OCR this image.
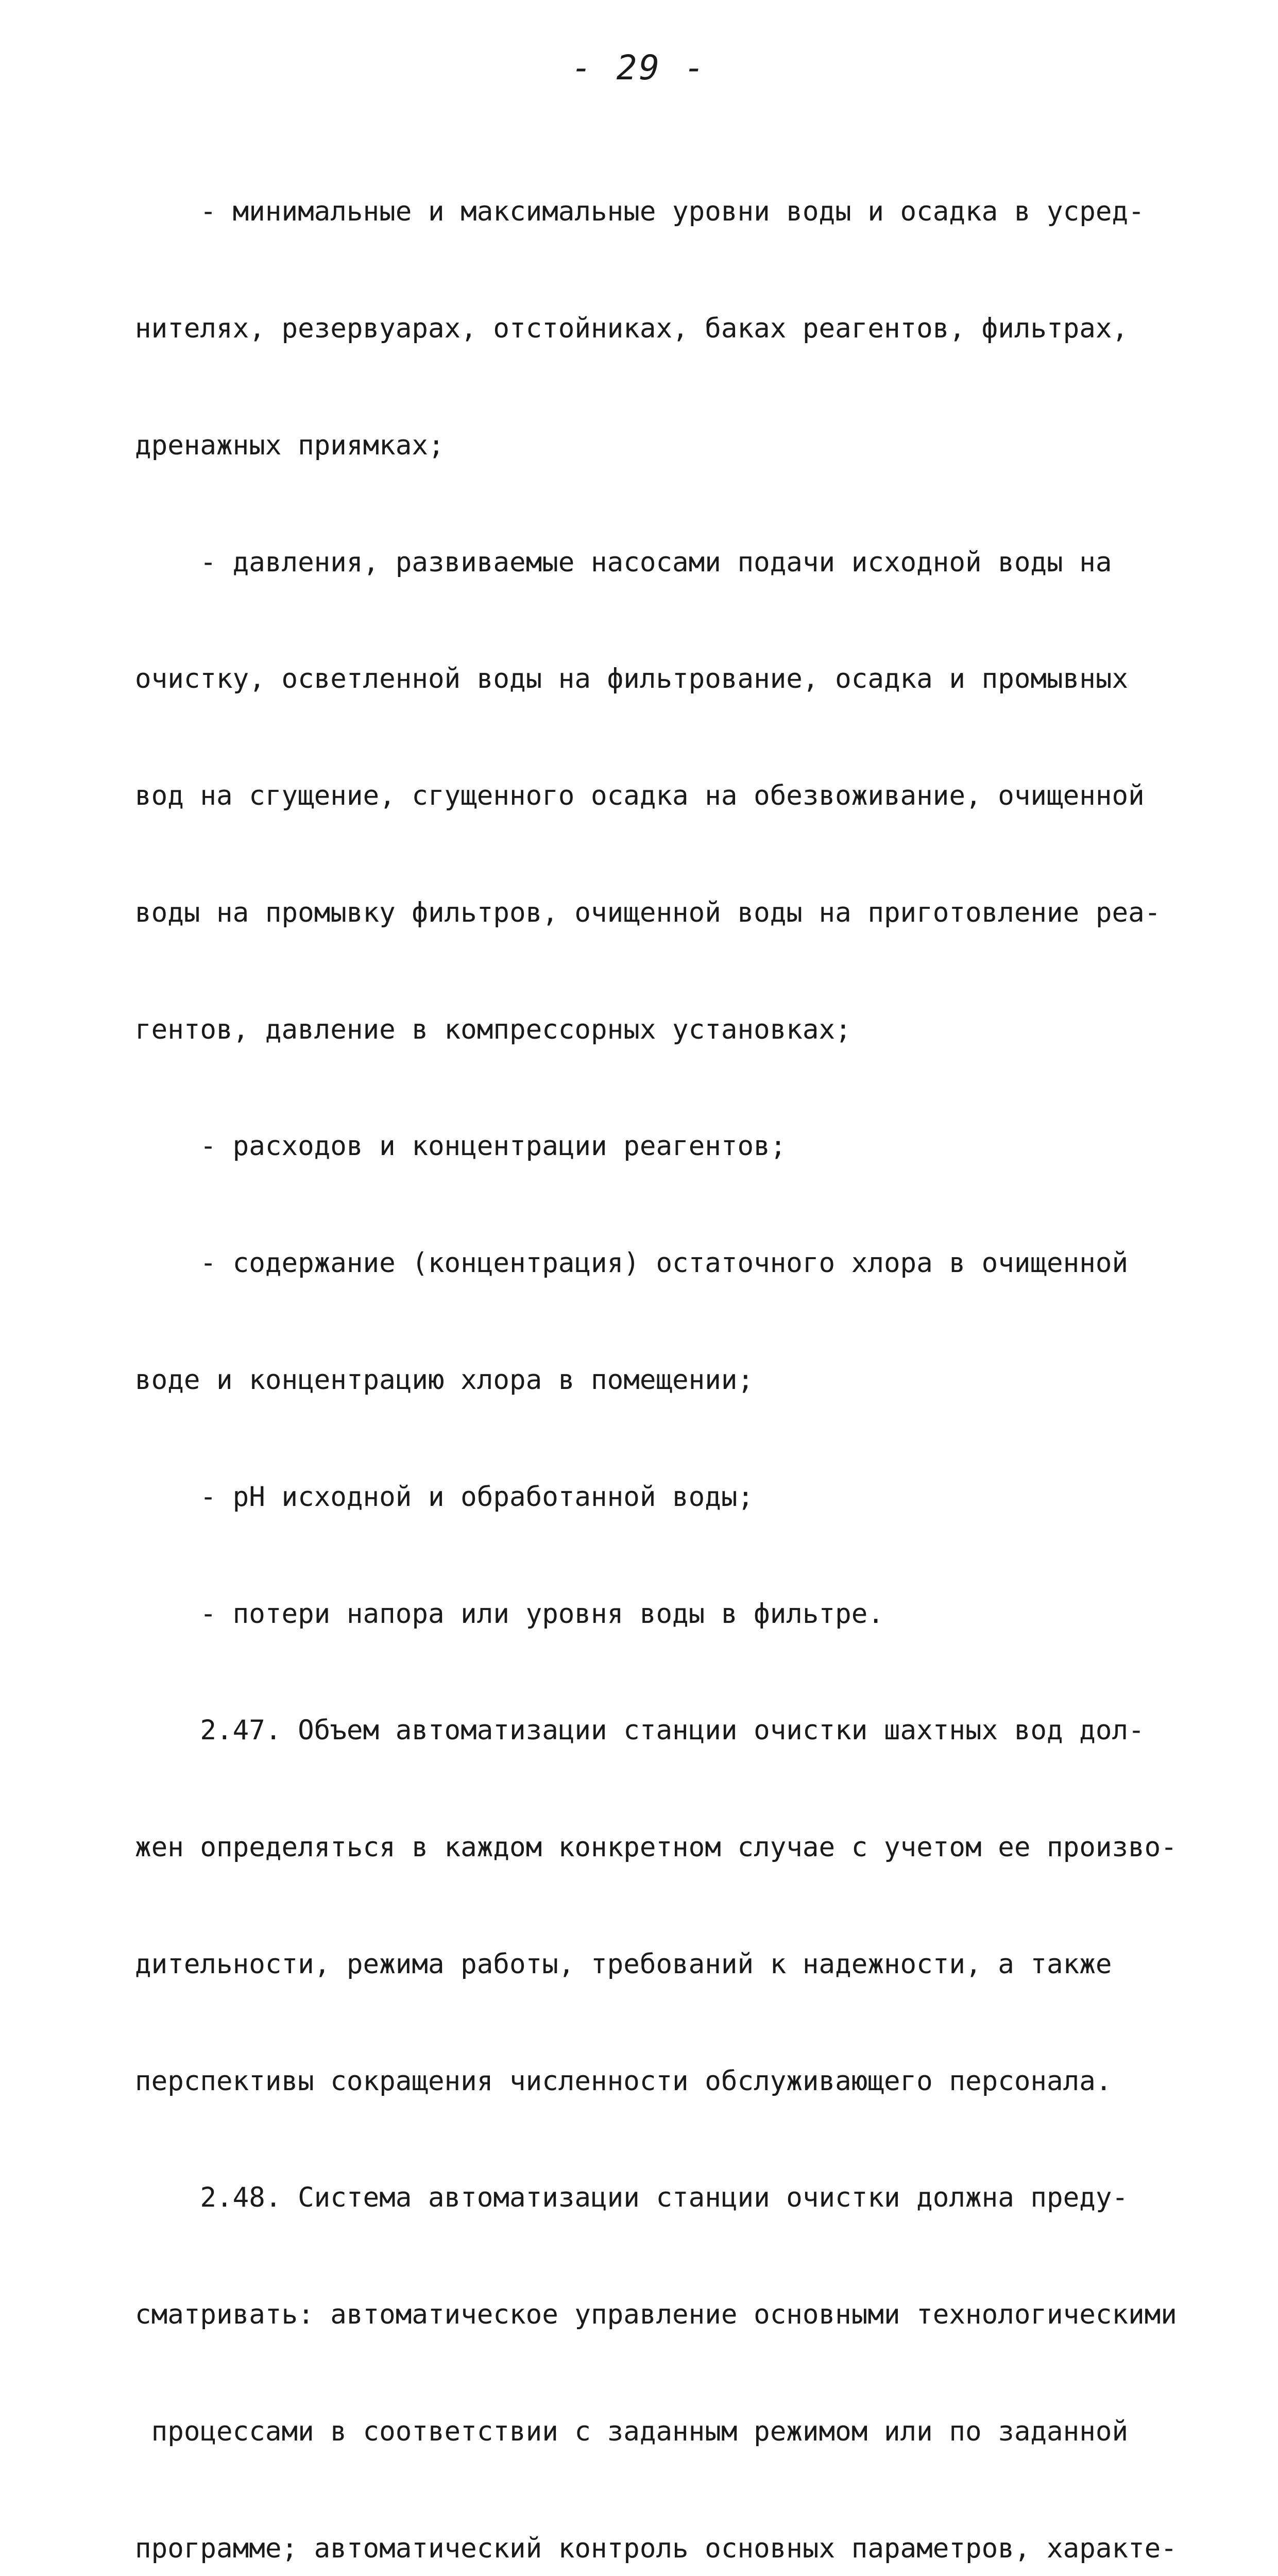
- 29 -

- минимальные и максимальные уровни воды и осадка в усред-

нителях, резервуарах, отстойниках, баках реагентов, фильтрах,

дренажных приямках;

- давления, развиваемые насосами подачи исходной воды на

очистку, осветленной воды на фильтрование, осадка и промывных

вод на сгущение, сгущенного осадка на обезвоживание, очищенной

воды на промывку фильтров, очищенной воды на приготовление реа-

гентов, давление в компрессорных установках;

- расходов и концентрации реагентов;

- содержание (концентрация) остаточного хлора в очищенной

воде и концентрацию хлора в помещении;

- рН исходной и обработанной воды;

- потери напора или уровня воды в фильтре.

2.47. Объем автоматизации станции очистки шахтных вод дол-

жен определяться в каждом конкретном случае с учетом ее произво-

дительности, режима работы, требований к надежности, а также

перспективы сокращения численности обслуживающего персонала.

2.48. Система автоматизации станции очистки должна преду-

сматривать: автоматическое управление основными технологическими

процессами в соответствии с заданным режимом или по заданной

программе; автоматический контроль основных параметров, характе-
